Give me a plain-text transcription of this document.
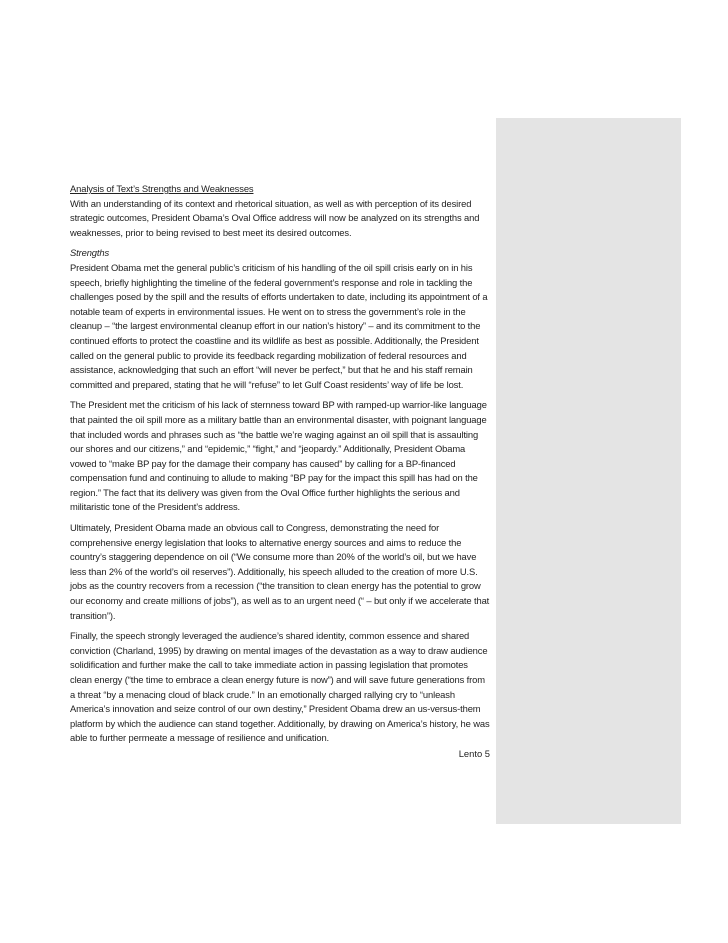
Analysis of Text’s Strengths and Weaknesses
With an understanding of its context and rhetorical situation, as well as with perception of its desired strategic outcomes, President Obama’s Oval Office address will now be analyzed on its strengths and weaknesses, prior to being revised to best meet its desired outcomes.

Strengths
President Obama met the general public’s criticism of his handling of the oil spill crisis early on in his speech, briefly highlighting the timeline of the federal government’s response and role in tackling the challenges posed by the spill and the results of efforts undertaken to date, including its appointment of a notable team of experts in environmental issues. He went on to stress the government’s role in the cleanup – “the largest environmental cleanup effort in our nation’s history” – and its commitment to the continued efforts to protect the coastline and its wildlife as best as possible. Additionally, the President called on the general public to provide its feedback regarding mobilization of federal resources and assistance, acknowledging that such an effort “will never be perfect,” but that he and his staff remain committed and prepared, stating that he will “refuse” to let Gulf Coast residents’ way of life be lost.

The President met the criticism of his lack of sternness toward BP with ramped-up warrior-like language that painted the oil spill more as a military battle than an environmental disaster, with poignant language that included words and phrases such as “the battle we’re waging against an oil spill that is assaulting our shores and our citizens,” and “epidemic,” “fight,” and “jeopardy.” Additionally, President Obama vowed to “make BP pay for the damage their company has caused” by calling for a BP-financed compensation fund and continuing to allude to making “BP pay for the impact this spill has had on the region.” The fact that its delivery was given from the Oval Office further highlights the serious and militaristic tone of the President’s address.

Ultimately, President Obama made an obvious call to Congress, demonstrating the need for comprehensive energy legislation that looks to alternative energy sources and aims to reduce the country’s staggering dependence on oil (“We consume more than 20% of the world’s oil, but we have less than 2% of the world’s oil reserves”). Additionally, his speech alluded to the creation of more U.S. jobs as the country recovers from a recession (“the transition to clean energy has the potential to grow our economy and create millions of jobs”), as well as to an urgent need (“ – but only if we accelerate that transition”).

Finally, the speech strongly leveraged the audience’s shared identity, common essence and shared conviction (Charland, 1995) by drawing on mental images of the devastation as a way to draw audience solidification and further make the call to take immediate action in passing legislation that promotes clean energy (“the time to embrace a clean energy future is now”) and will save future generations from a threat “by a menacing cloud of black crude.” In an emotionally charged rallying cry to “unleash America’s innovation and seize control of our own destiny,” President Obama drew an us-versus-them platform by which the audience can stand together. Additionally, by drawing on America’s history, he was able to further permeate a message of resilience and unification.

Lento 5
